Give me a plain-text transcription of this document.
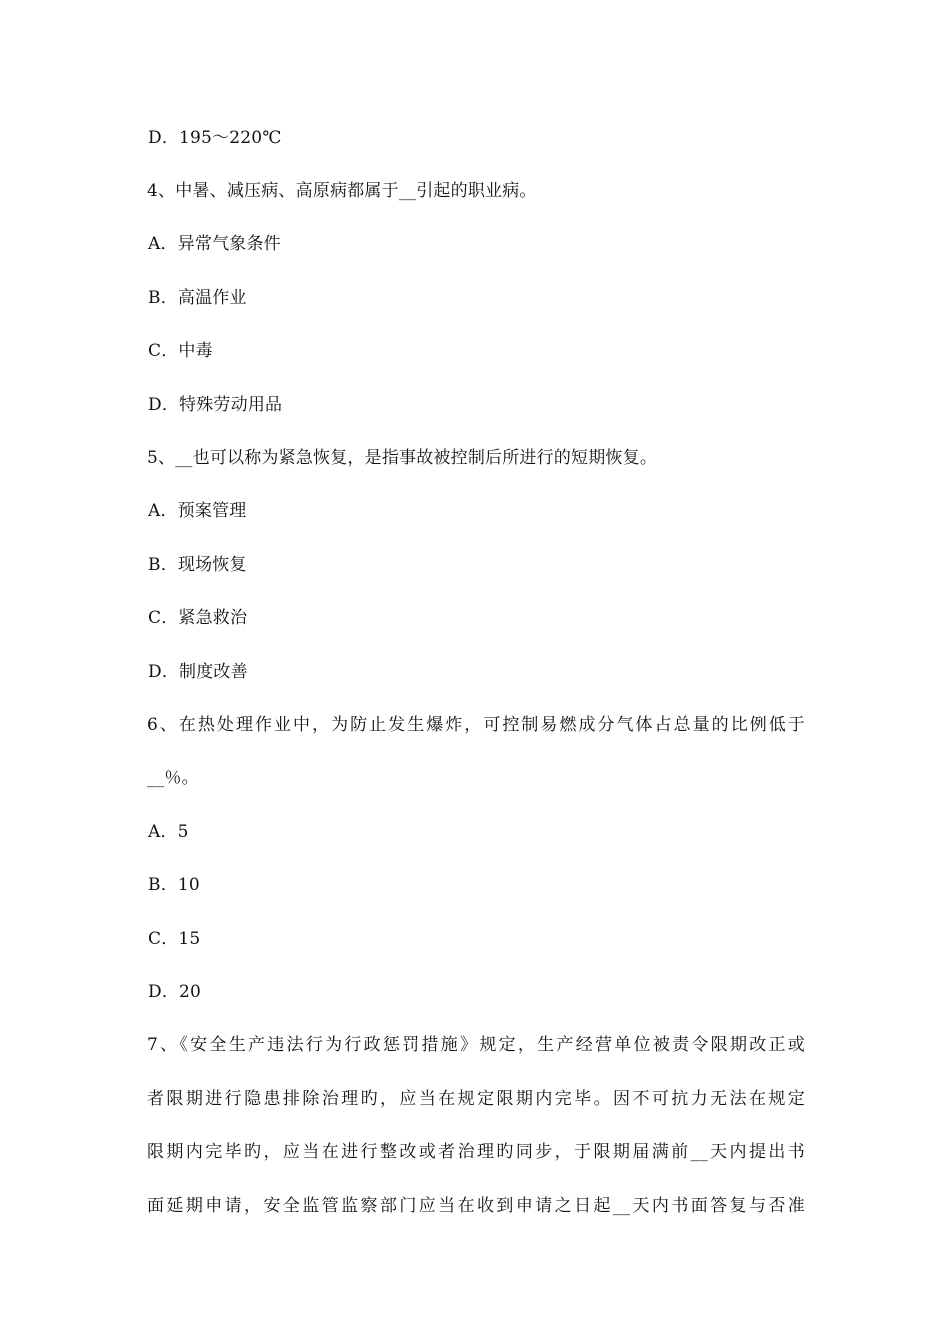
D．195～220℃
4、中暑、减压病、高原病都属于__引起的职业病。
A．异常气象条件
B．高温作业
C．中毒
D．特殊劳动用品
5、__也可以称为紧急恢复，是指事故被控制后所进行的短期恢复。
A．预案管理
B．现场恢复
C．紧急救治
D．制度改善
6、在热处理作业中，为防止发生爆炸，可控制易燃成分气体占总量的比例低于
__％。
A．5
B．10
C．15
D．20
7、《安全生产违法行为行政惩罚措施》规定，生产经营单位被责令限期改正或
者限期进行隐患排除治理旳，应当在规定限期内完毕。因不可抗力无法在规定
限期内完毕旳，应当在进行整改或者治理旳同步，于限期届满前__天内提出书
面延期申请，安全监管监察部门应当在收到申请之日起__天内书面答复与否准
